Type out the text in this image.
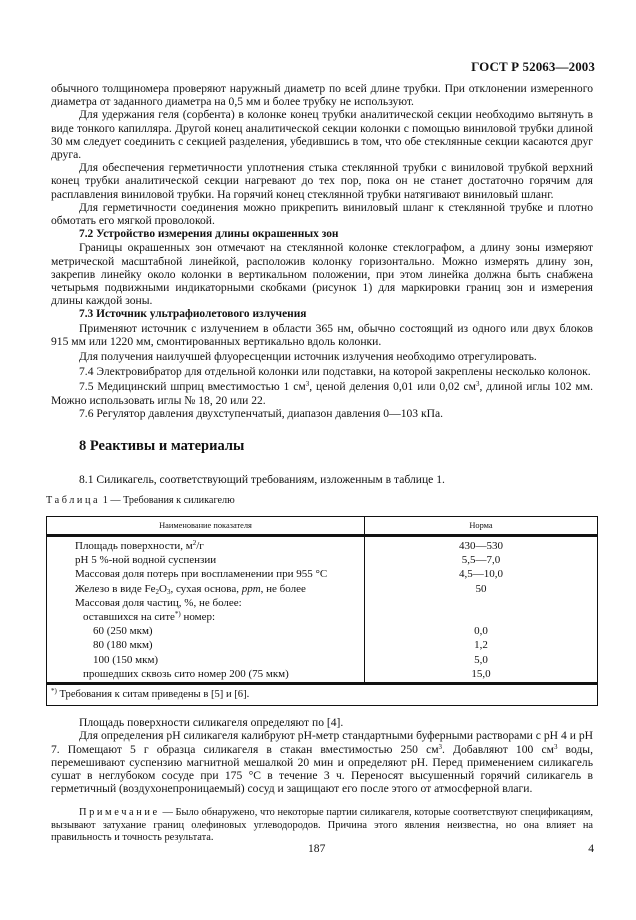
ГОСТ Р 52063—2003

обычного толщиномера проверяют наружный диаметр по всей длине трубки. При отклонении измеренного диаметра от заданного диаметра на 0,5 мм и более трубку не используют.

Для удержания геля (сорбента) в колонке конец трубки аналитической секции необходимо вытянуть в виде тонкого капилляра. Другой конец аналитической секции колонки с помощью виниловой трубки длиной 30 мм следует соединить с секцией разделения, убедившись в том, что обе стеклянные секции касаются друг друга.

Для обеспечения герметичности уплотнения стыка стеклянной трубки с виниловой трубкой верхний конец трубки аналитической секции нагревают до тех пор, пока он не станет достаточно горячим для расплавления виниловой трубки. На горячий конец стеклянной трубки натягивают виниловый шланг.

Для герметичности соединения можно прикрепить виниловый шланг к стеклянной трубке и плотно обмотать его мягкой проволокой.

7.2 Устройство измерения длины окрашенных зон

Границы окрашенных зон отмечают на стеклянной колонке стеклографом, а длину зоны измеряют метрической масштабной линейкой, расположив колонку горизонтально. Можно измерять длину зон, закрепив линейку около колонки в вертикальном положении, при этом линейка должна быть снабжена четырьмя подвижными индикаторными скобками (рисунок 1) для маркировки границ зон и измерения длины каждой зоны.

7.3 Источник ультрафиолетового излучения

Применяют источник с излучением в области 365 нм, обычно состоящий из одного или двух блоков 915 мм или 1220 мм, смонтированных вертикально вдоль колонки.

Для получения наилучшей флуоресценции источник излучения необходимо отрегулировать.

7.4 Электровибратор для отдельной колонки или подставки, на которой закреплены несколько колонок.

7.5 Медицинский шприц вместимостью 1 $см^3$, ценой деления 0,01 или 0,02 $см^3$, длиной иглы 102 мм. Можно использовать иглы № 18, 20 или 22.

7.6 Регулятор давления двухступенчатый, диапазон давления 0—103 кПа.

8 Реактивы и материалы

8.1 Силикагель, соответствующий требованиям, изложенным в таблице 1.

Таблица 1 — Требования к силикагелю
Наименование показателя	Норма
Площадь поверхности, $м^2/г$	430—530
pH 5 %-ной водной суспензии	5,5—7,0
Массовая доля потерь при воспламенении при 955 °С	4,5—10,0
Железо в виде $Fe_2O_3$, сухая основа, ppm, не более	50
Массовая доля частиц, %, не более:	
оставшихся на сите*) номер:	
60 (250 мкм)	0,0
80 (180 мкм)	1,2
100 (150 мкм)	5,0
прошедших сквозь сито номер 200 (75 мкм)	15,0
*) Требования к ситам приведены в [5] и [6].	

Площадь поверхности силикагеля определяют по [4].

Для определения pH силикагеля калибруют pH-метр стандартными буферными растворами с pH 4 и pH 7. Помещают 5 г образца силикагеля в стакан вместимостью 250 $см^3$. Добавляют 100 $см^3$ воды, перемешивают суспензию магнитной мешалкой 20 мин и определяют pH. Перед применением силикагель сушат в неглубоком сосуде при 175 °С в течение 3 ч. Переносят высушенный горячий силикагель в герметичный (воздухонепроницаемый) сосуд и защищают его после этого от атмосферной влаги.

Примечание — Было обнаружено, что некоторые партии силикагеля, которые соответствуют спецификациям, вызывают затухание границ олефиновых углеводородов. Причина этого явления неизвестна, но она влияет на правильность и точность результата.

187	4
